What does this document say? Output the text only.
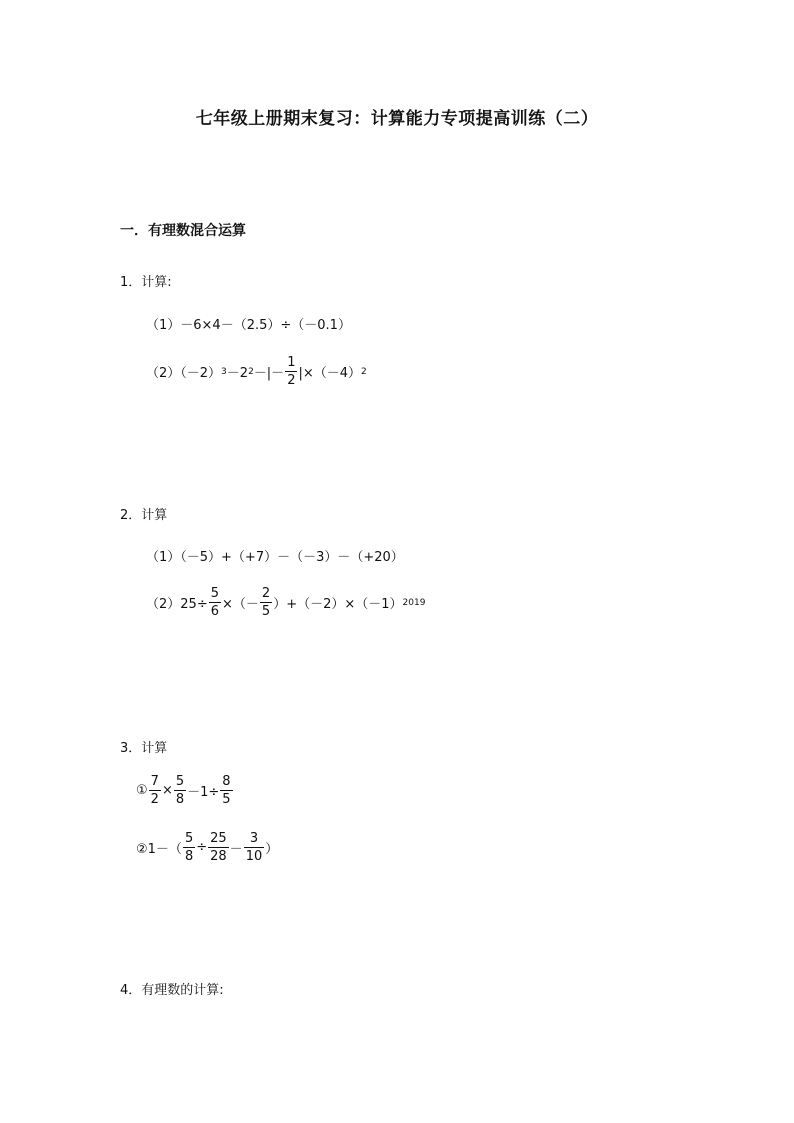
七年级上册期末复习：计算能力专项提高训练（二）
一．有理数混合运算
1．计算:
（1）－6×4－（2.5）÷（－0.1）
（2）（－2） 3 －2 2 －|－ $\frac{1}{2} |\times(-4)$ 2
2．计算
（1）（－5）+（+7）－（－3）－（+20）
$(2)25\div \frac{5}{6}$ ×（－ $\frac{2}{5} )+(-2)\times(-1)$ 2019
3．计算
① $\frac{7}{2} \times \frac{5}{8} -1\div \frac{8}{5}$
②1－（ $\frac{5}{8} \div \frac{25}{28} - \frac{3}{10}$ ）
4．有理数的计算:
